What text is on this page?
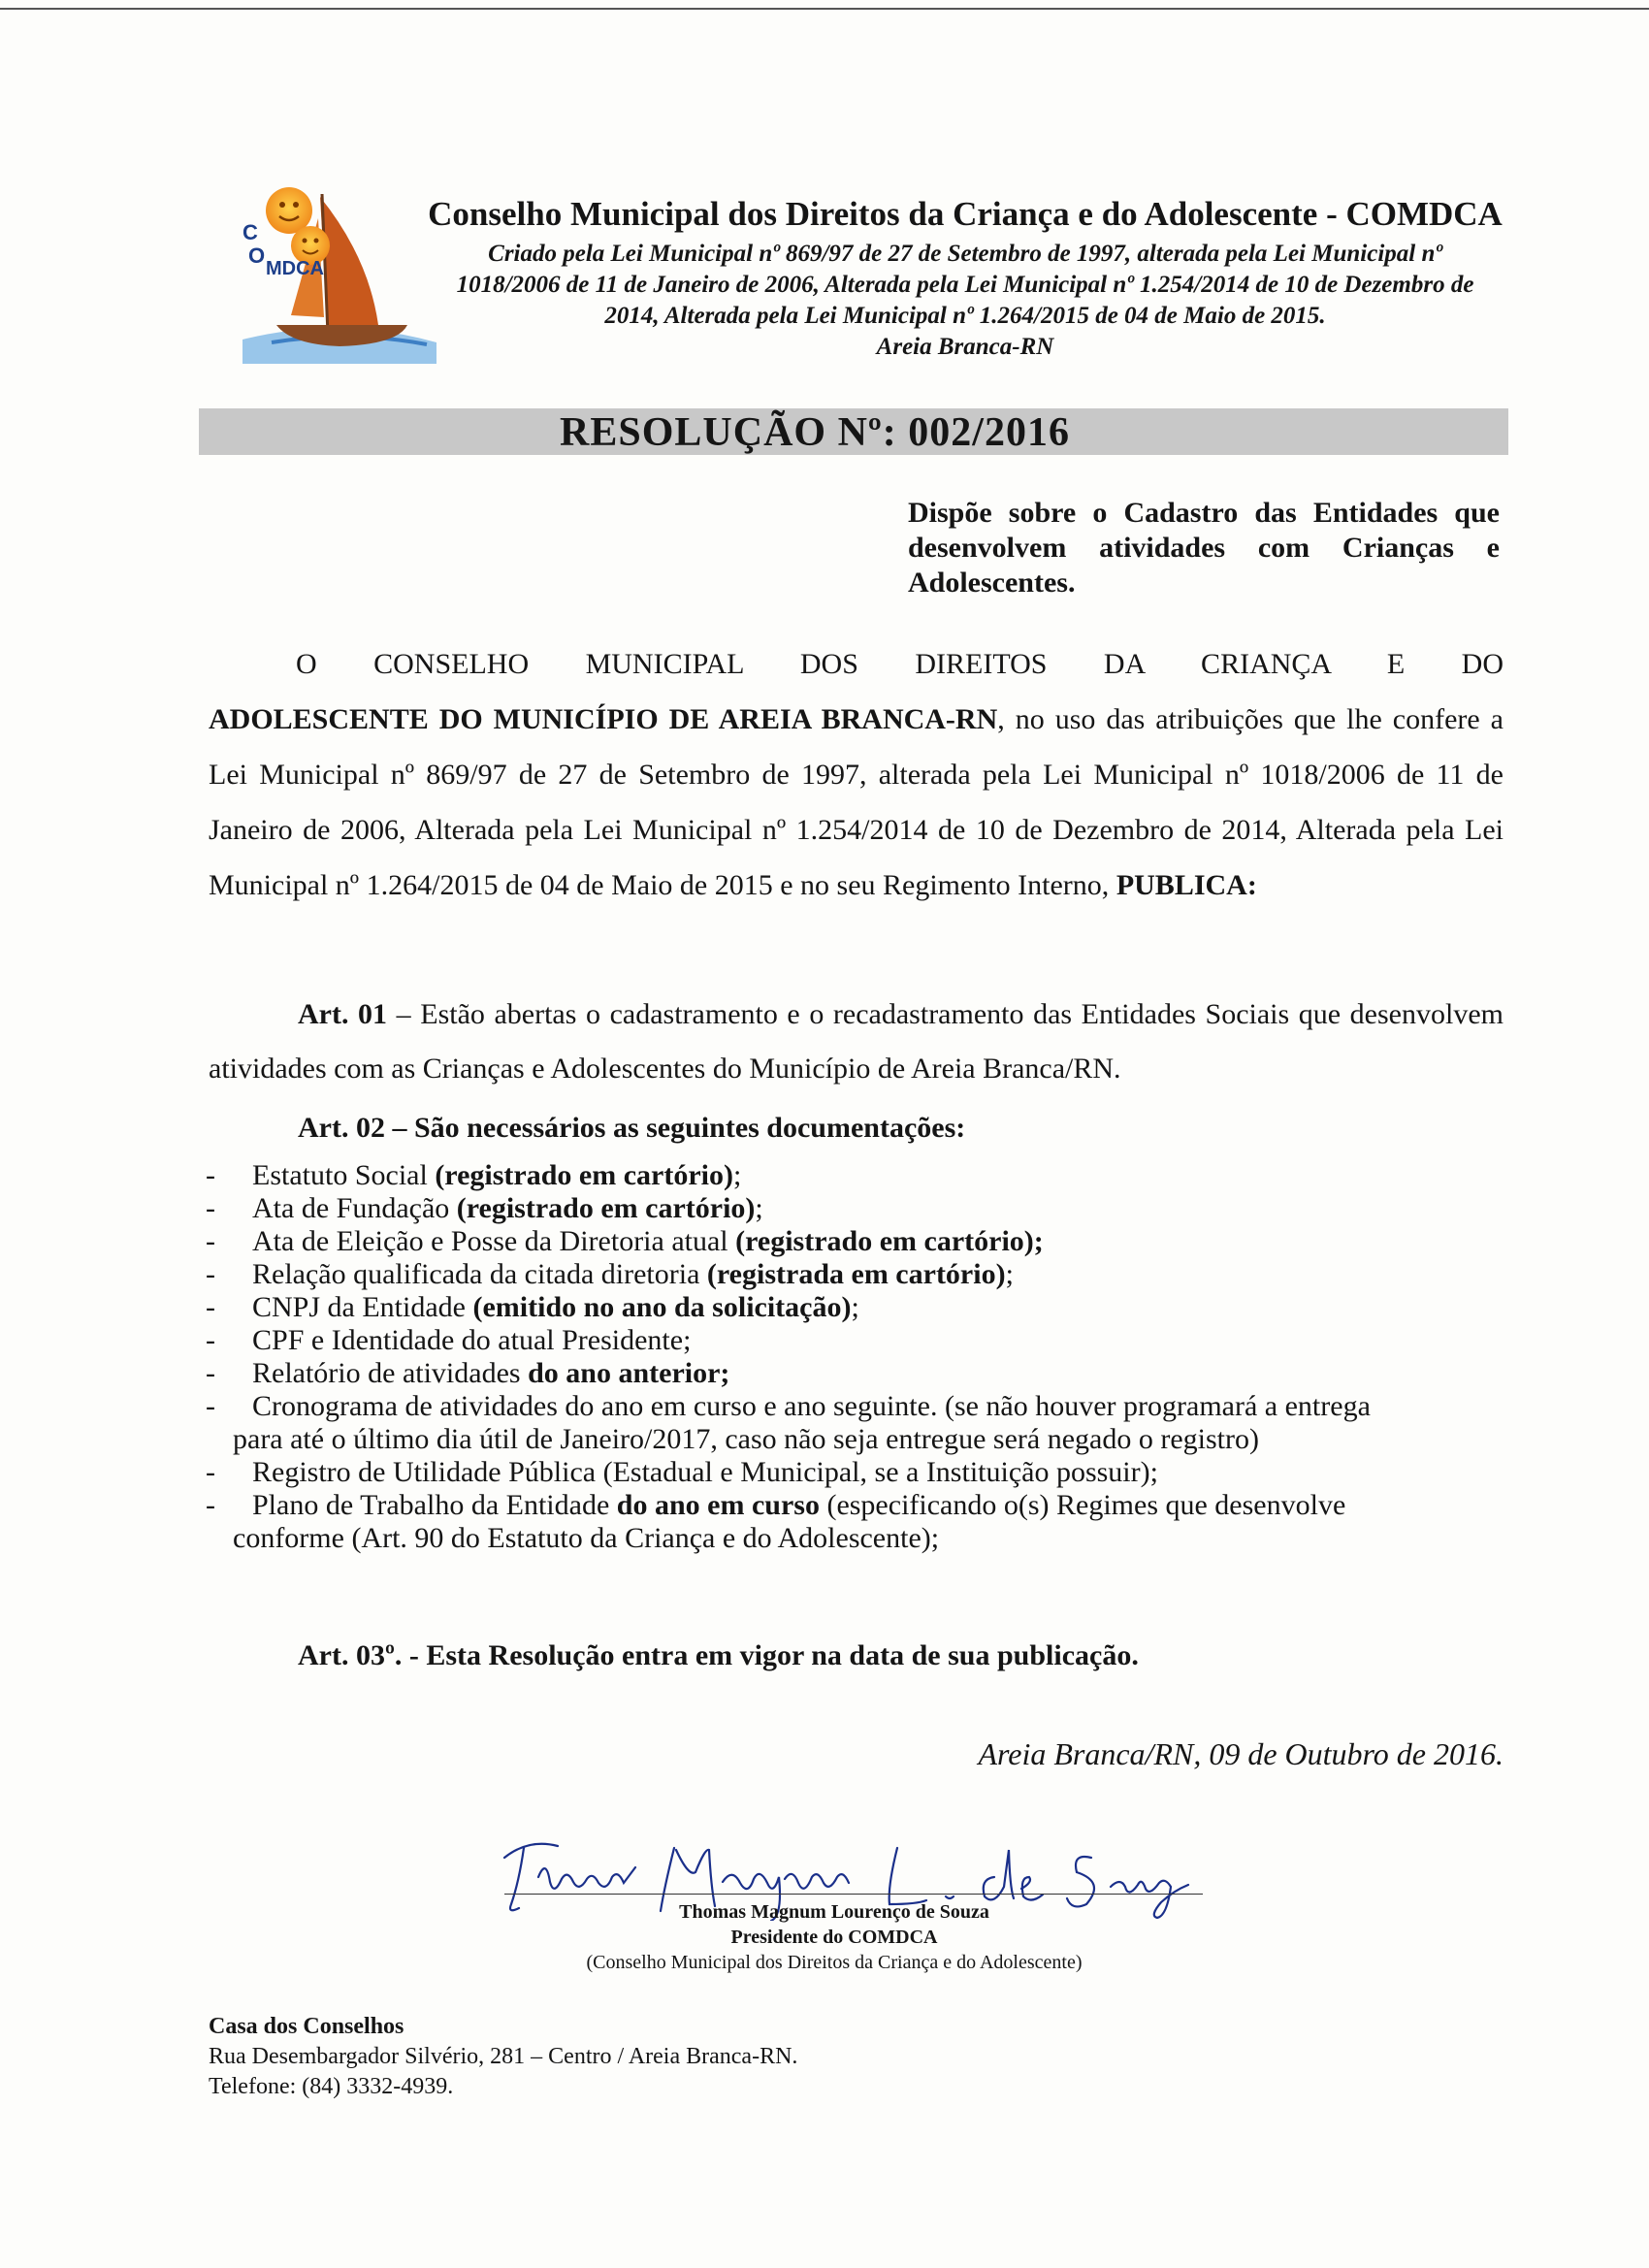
C
O
MDCA

Conselho Municipal dos Direitos da Criança e do Adolescente - COMDCA

Criado pela Lei Municipal nº 869/97 de 27 de Setembro de 1997, alterada pela Lei Municipal nº 1018/2006 de 11 de Janeiro de 2006, Alterada pela Lei Municipal nº 1.254/2014 de 10 de Dezembro de 2014, Alterada pela Lei Municipal nº 1.264/2015 de 04 de Maio de 2015.

Areia Branca-RN

RESOLUÇÃO Nº: 002/2016
Dispõe sobre o Cadastro das Entidades que desenvolvem atividades com Crianças e Adolescentes.

O CONSELHO MUNICIPAL DOS DIREITOS DA CRIANÇA E DO

ADOLESCENTE DO MUNICÍPIO DE AREIA BRANCA-RN, no uso das atribuições que lhe confere a Lei Municipal nº 869/97 de 27 de Setembro de 1997, alterada pela Lei Municipal nº 1018/2006 de 11 de Janeiro de 2006, Alterada pela Lei Municipal nº 1.254/2014 de 10 de Dezembro de 2014, Alterada pela Lei Municipal nº 1.264/2015 de 04 de Maio de 2015 e no seu Regimento Interno, PUBLICA:

Art. 01 – Estão abertas o cadastramento e o recadastramento das Entidades Sociais que desenvolvem atividades com as Crianças e Adolescentes do Município de Areia Branca/RN.
Art. 02 – São necessários as seguintes documentações:
- Estatuto Social (registrado em cartório);
- Ata de Fundação (registrado em cartório);
- Ata de Eleição e Posse da Diretoria atual (registrado em cartório);
- Relação qualificada da citada diretoria (registrada em cartório);
- CNPJ da Entidade (emitido no ano da solicitação);
- CPF e Identidade do atual Presidente;
- Relatório de atividades do ano anterior;
- Cronograma de atividades do ano em curso e ano seguinte. (se não houver programará a entrega
para até o último dia útil de Janeiro/2017, caso não seja entregue será negado o registro)
- Registro de Utilidade Pública (Estadual e Municipal, se a Instituição possuir);
- Plano de Trabalho da Entidade do ano em curso (especificando o(s) Regimes que desenvolve
conforme (Art. 90 do Estatuto da Criança e do Adolescente);
Art. 03º. - Esta Resolução entra em vigor na data de sua publicação.
Areia Branca/RN, 09 de Outubro de 2016.
Thomas Magnum Lourenço de Souza
Presidente do COMDCA
(Conselho Municipal dos Direitos da Criança e do Adolescente)
Casa dos Conselhos
Rua Desembargador Silvério, 281 – Centro / Areia Branca-RN.
Telefone: (84) 3332-4939.
